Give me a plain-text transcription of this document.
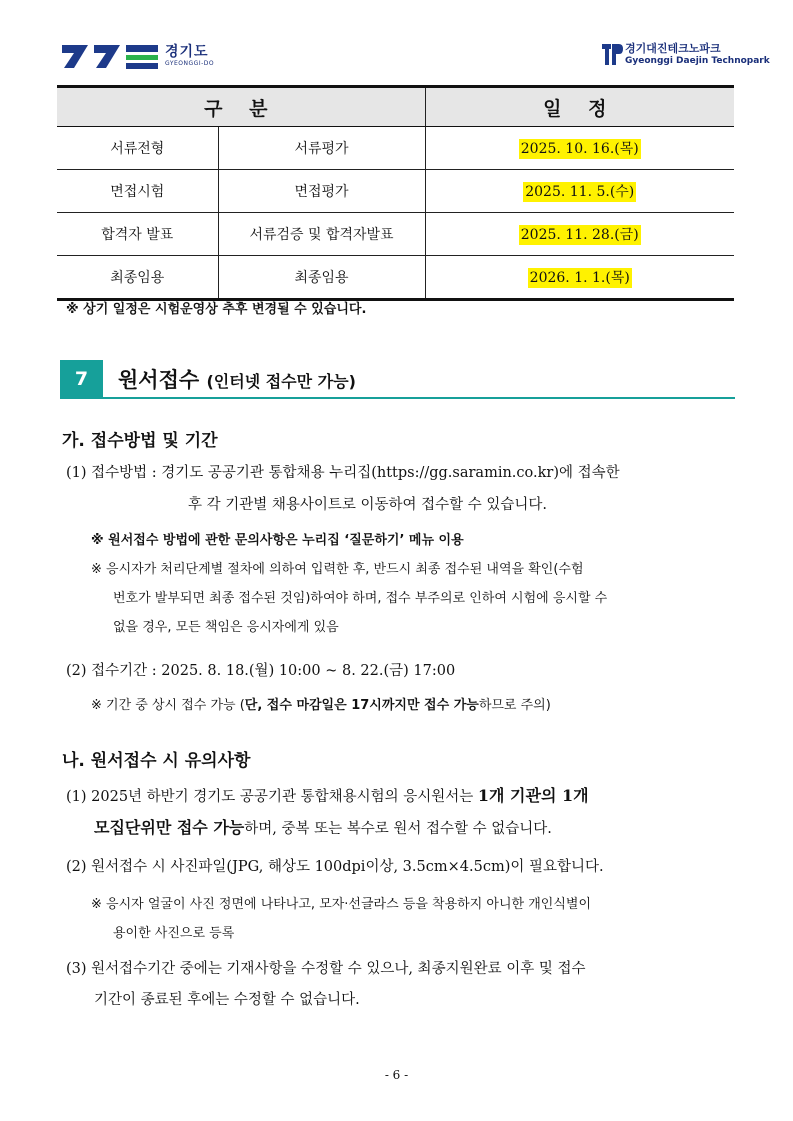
경기도
GYEONGGI-DO
경기대진테크노파크
Gyeonggi Daejin Technopark
구 분		일 정
서류전형	서류평가	2025. 10. 16.(목)
면접시험	면접평가	2025. 11. 5.(수)
합격자 발표	서류검증 및 합격자발표	2025. 11. 28.(금)
최종임용	최종임용	2026. 1. 1.(목)
※ 상기 일정은 시험운영상 추후 변경될 수 있습니다.
7	원서접수 (인터넷 접수만 가능)
가. 접수방법 및 기간
(1) 접수방법 : 경기도 공공기관 통합채용 누리집(https://gg.saramin.co.kr)에 접속한
후 각 기관별 채용사이트로 이동하여 접수할 수 있습니다.
※ 원서접수 방법에 관한 문의사항은 누리집 ‘질문하기’ 메뉴 이용
※ 응시자가 처리단계별 절차에 의하여 입력한 후, 반드시 최종 접수된 내역을 확인(수험
번호가 발부되면 최종 접수된 것임)하여야 하며, 접수 부주의로 인하여 시험에 응시할 수
없을 경우, 모든 책임은 응시자에게 있음
(2) 접수기간 : 2025. 8. 18.(월) 10:00 ~ 8. 22.(금) 17:00
※ 기간 중 상시 접수 가능 (단, 접수 마감일은 17시까지만 접수 가능하므로 주의)
나. 원서접수 시 유의사항
(1) 2025년 하반기 경기도 공공기관 통합채용시험의 응시원서는 1개 기관의 1개
모집단위만 접수 가능하며, 중복 또는 복수로 원서 접수할 수 없습니다.
(2) 원서접수 시 사진파일(JPG, 해상도 100dpi이상, 3.5cm×4.5cm)이 필요합니다.
※ 응시자 얼굴이 사진 정면에 나타나고, 모자·선글라스 등을 착용하지 아니한 개인식별이
용이한 사진으로 등록
(3) 원서접수기간 중에는 기재사항을 수정할 수 있으나, 최종지원완료 이후 및 접수
기간이 종료된 후에는 수정할 수 없습니다.
- 6 -
